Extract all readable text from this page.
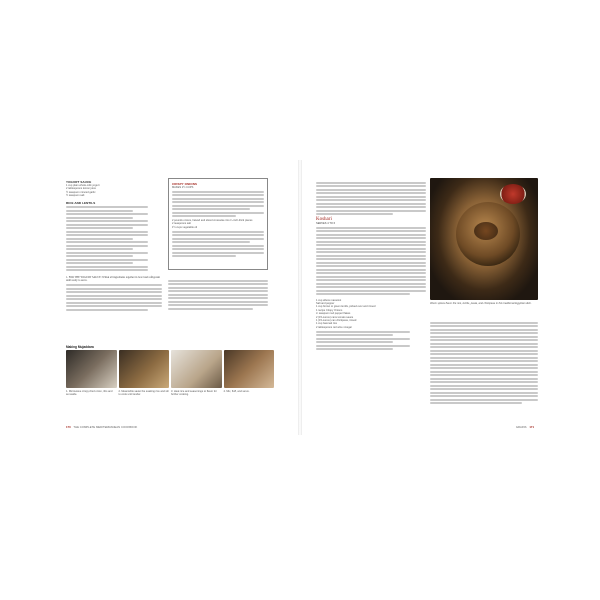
YOGURT SAUCE
1 cup plain whole-milk yogurt
2 tablespoons lemon juice
½ teaspoon minced garlic
½ teaspoon salt
RICE AND LENTILS
1. FOR THE YOGURT SAUCE: Whisk all ingredients together in bowl and refrigerant until ready to serve.
CRISPY ONIONS
MAKES 1½ CUPS
2 pounds onions, halved and sliced crosswise into ¼-inch-thick pieces
2 teaspoons salt
1½ cups vegetable oil
Making Mujaddara
1. Microwave crispy-fried onion, ribs and set aside.
2. Meanwhile sauté the soaking rice and stir to cook until tender.
3. Heat rice and seasonings to flavor for further cooking.
4. Mix, fluff, and serve.
170 THE COMPLETE MEDITERRANEAN COOKBOOK
Koshari
SERVES 4 TO 6
1 cup elbow macaroni
Salt and pepper
1 cup brown or green lentils, picked over and rinsed
1 recipe Crispy Onions
¼ teaspoon red pepper flakes
2 (15-ounce) cans tomato sauce
1 (15-ounce) can chickpeas, rinsed
1 cup basmati rice
2 tablespoons red wine vinegar
Warm spices flavor the rice, lentils, pasta, and chickpeas in this traditional Egyptian dish.
GRAINS 171
